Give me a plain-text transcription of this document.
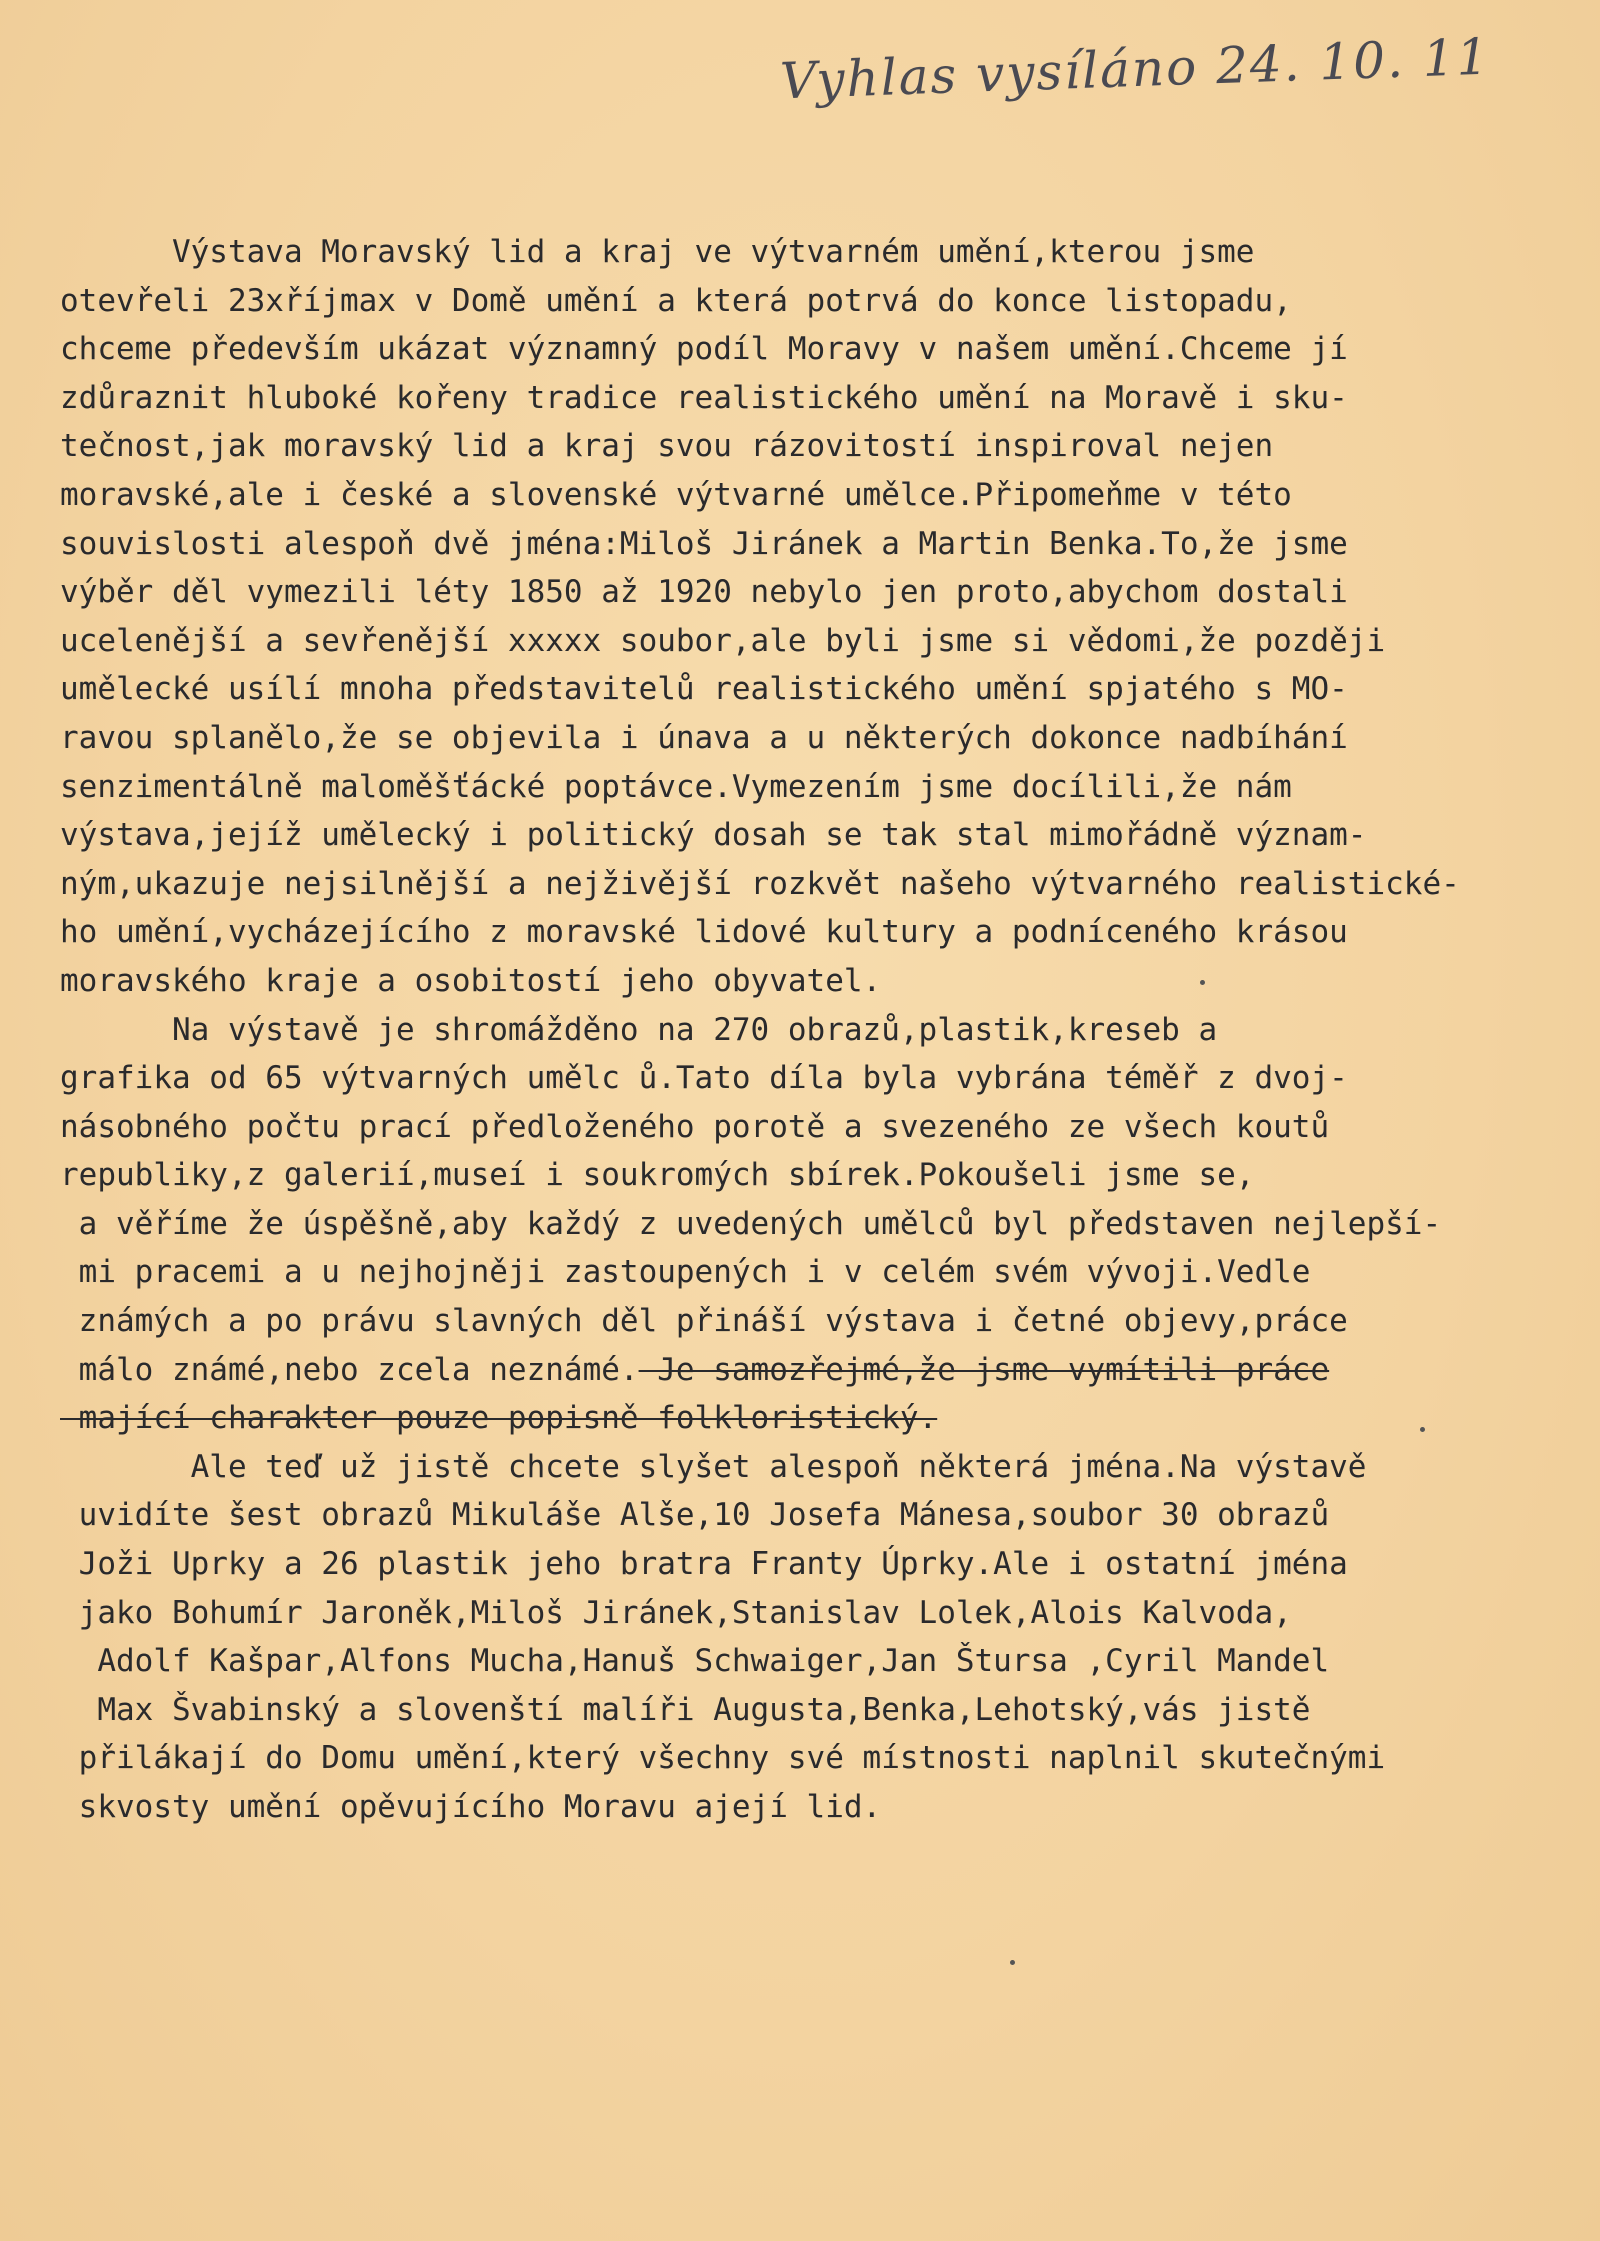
Vyhlas vysíláno 24. 10. 11
Výstava Moravský lid a kraj ve výtvarném umění,kterou jsme
otevřeli 23xříjmax v Domě umění a která potrvá do konce listopadu,
chceme především ukázat významný podíl Moravy v našem umění.Chceme jí
zdůraznit hluboké kořeny tradice realistického umění na Moravě i sku-
tečnost,jak moravský lid a kraj svou rázovitostí inspiroval nejen
moravské,ale i české a slovenské výtvarné umělce.Připomeňme v této
souvislosti alespoň dvě jména:Miloš Jiránek a Martin Benka.To,že jsme
výběr děl vymezili léty 1850 až 1920 nebylo jen proto,abychom dostali
ucelenější a sevřenější xxxxx soubor,ale byli jsme si vědomi,že později
umělecké usílí mnoha představitelů realistického umění spjatého s MO-
ravou splanělo,že se objevila i únava a u některých dokonce nadbíhání
senzimentálně maloměšťácké poptávce.Vymezením jsme docílili,že nám
výstava,jejíž umělecký i politický dosah se tak stal mimořádně význam-
ným,ukazuje nejsilnější a nejživější rozkvět našeho výtvarného realistické-
ho umění,vycházejícího z moravské lidové kultury a podníceného krásou
moravského kraje a osobitostí jeho obyvatel.
Na výstavě je shromážděno na 270 obrazů,plastik,kreseb a
grafika od 65 výtvarných umělc ů.Tato díla byla vybrána téměř z dvoj-
násobného počtu prací předloženého porotě a svezeného ze všech koutů
republiky,z galerií,museí i soukromých sbírek.Pokoušeli jsme se,
a věříme že úspěšně,aby každý z uvedených umělců byl představen nejlepší-
mi pracemi a u nejhojněji zastoupených i v celém svém vývoji.Vedle
známých a po právu slavných děl přináší výstava i četné objevy,práce
málo známé,nebo zcela neznámé. Je samozřejmé,že jsme vymítili práce
mající charakter pouze popisně folkloristický.
Ale teď už jistě chcete slyšet alespoň některá jména.Na výstavě
uvidíte šest obrazů Mikuláše Alše,10 Josefa Mánesa,soubor 30 obrazů
Joži Uprky a 26 plastik jeho bratra Franty Úprky.Ale i ostatní jména
jako Bohumír Jaroněk,Miloš Jiránek,Stanislav Lolek,Alois Kalvoda,
Adolf Kašpar,Alfons Mucha,Hanuš Schwaiger,Jan Štursa ,Cyril Mandel
Max Švabinský a slovenští malíři Augusta,Benka,Lehotský,vás jistě
přilákají do Domu umění,který všechny své místnosti naplnil skutečnými
skvosty umění opěvujícího Moravu ajejí lid.
